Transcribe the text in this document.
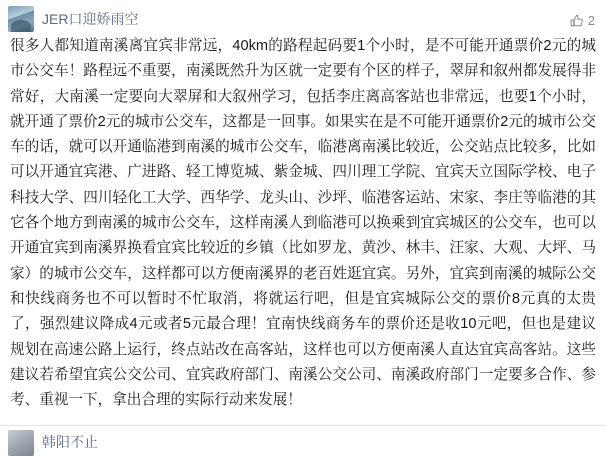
JER口迎娇雨空	2
很多人都知道南溪离宜宾非常远，40km的路程起码要1个小时，是不可能开通票价2元的城市公交车！路程远不重要，南溪既然升为区就一定要有个区的样子，翠屏和叙州都发展得非常好，大南溪一定要向大翠屏和大叙州学习，包括李庄离高客站也非常远，也要1个小时，就开通了票价2元的城市公交车，这都是一回事。如果实在是不可能开通票价2元的城市公交车的话，就可以开通临港到南溪的城市公交车，临港离南溪比较近，公交站点比较多，比如可以开通宜宾港、广进路、轻工博览城、紫金城、四川理工学院、宜宾天立国际学校、电子科技大学、四川轻化工大学、西华学、龙头山、沙坪、临港客运站、宋家、李庄等临港的其它各个地方到南溪的城市公交车，这样南溪人到临港可以换乘到宜宾城区的公交车，也可以开通宜宾到南溪界换看宜宾比较近的乡镇（比如罗龙、黄沙、林丰、汪家、大观、大坪、马家）的城市公交车，这样都可以方便南溪界的老百姓逛宜宾。另外，宜宾到南溪的城际公交和快线商务也不可以暂时不忙取消，将就运行吧，但是宜宾城际公交的票价8元真的太贵了，强烈建议降成4元或者5元最合理！宜南快线商务车的票价还是收10元吧，但也是建议规划在高速公路上运行，终点站改在高客站，这样也可以方便南溪人直达宜宾高客站。这些建议若希望宜宾公交公司、宜宾政府部门、南溪公交公司、南溪政府部门一定要多合作、参考、重视一下，拿出合理的实际行动来发展！
韩阳不止
